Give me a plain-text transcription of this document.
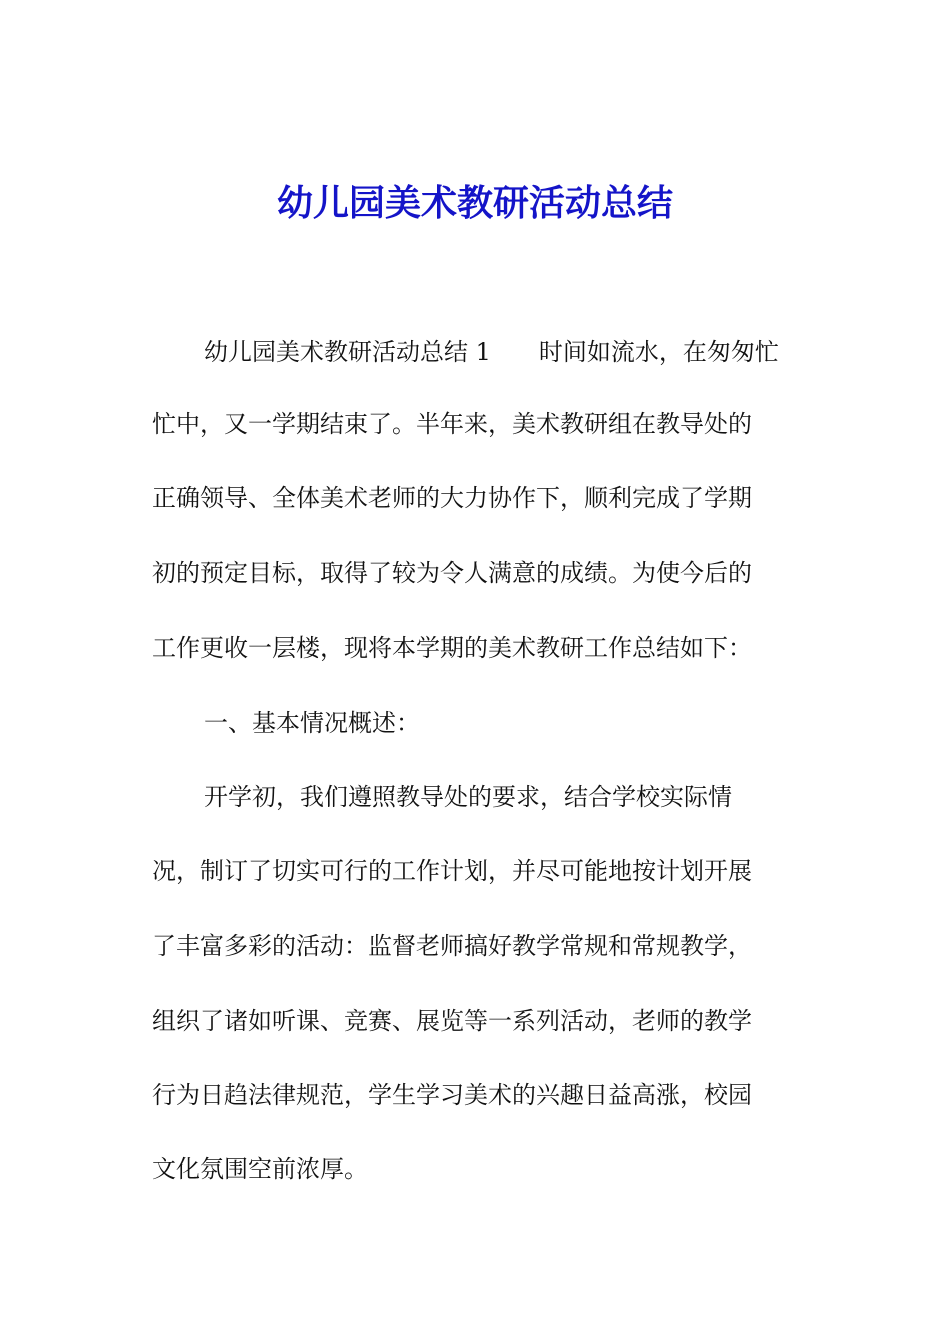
幼儿园美术教研活动总结

幼儿园美术教研活动总结 1 时间如流水，在匆匆忙

忙中，又一学期结束了。半年来，美术教研组在教导处的

正确领导、全体美术老师的大力协作下，顺利完成了学期

初的预定目标，取得了较为令人满意的成绩。为使今后的

工作更收一层楼，现将本学期的美术教研工作总结如下：

一、基本情况概述：

开学初，我们遵照教导处的要求，结合学校实际情

况，制订了切实可行的工作计划，并尽可能地按计划开展

了丰富多彩的活动：监督老师搞好教学常规和常规教学，

组织了诸如听课、竞赛、展览等一系列活动，老师的教学

行为日趋法律规范，学生学习美术的兴趣日益高涨，校园

文化氛围空前浓厚。
